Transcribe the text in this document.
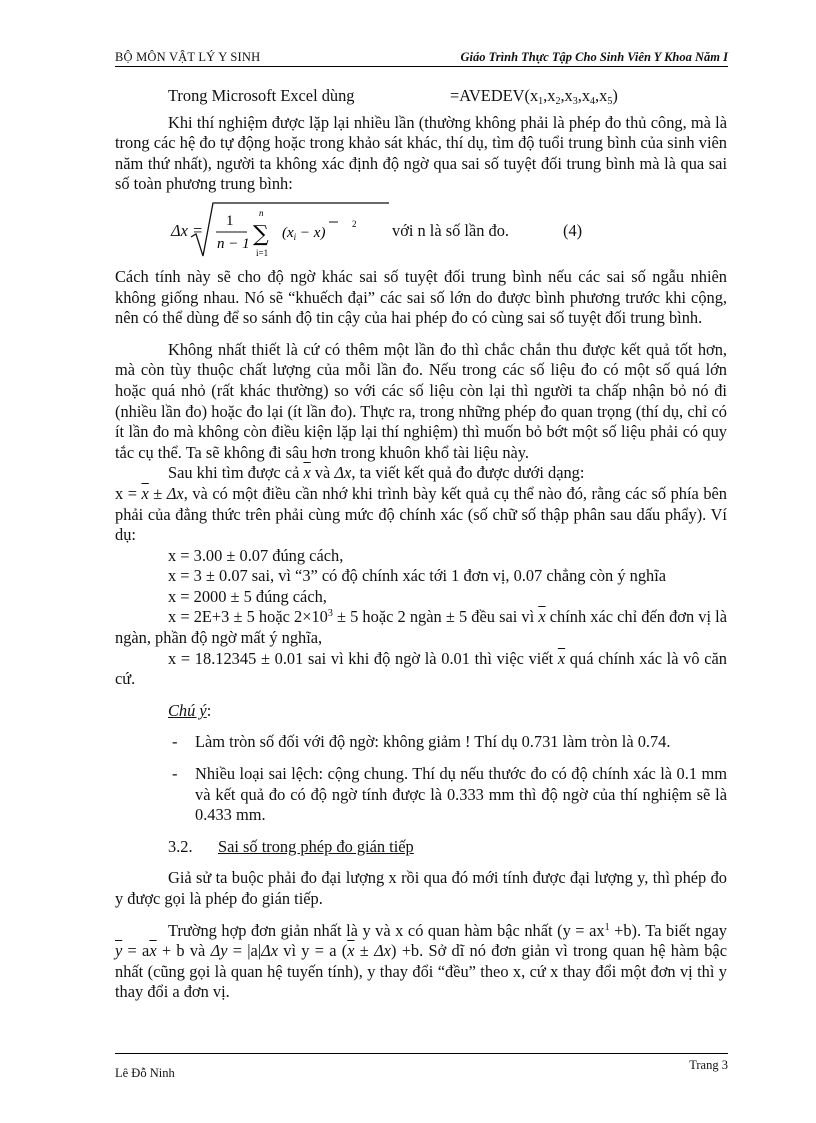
BỘ MÔN VẬT LÝ Y SINH	Giáo Trình Thực Tập Cho Sinh Viên Y Khoa Năm I

Trong Microsoft Excel dùng	$=AVEDEV(x_1,x_2,x_3,x_4,x_5)$

Khi thí nghiệm được lặp lại nhiều lần (thường không phải là phép đo thủ công, mà là trong các hệ đo tự động hoặc trong khảo sát khác, thí dụ, tìm độ tuổi trung bình của sinh viên năm thứ nhất), người ta không xác định độ ngờ qua sai số tuyệt đối trung bình mà là qua sai số toàn phương trung bình:

Δx = 1
n − 1 ∑
n
i=1
$(x_i - x)$
2 với n là số lần đo.	(4)

Cách tính này sẽ cho độ ngờ khác sai số tuyệt đối trung bình nếu các sai số ngẫu nhiên không giống nhau. Nó sẽ “khuếch đại” các sai số lớn do được bình phương trước khi cộng, nên có thể dùng để so sánh độ tin cậy của hai phép đo có cùng sai số tuyệt đối trung bình.

Không nhất thiết là cứ có thêm một lần đo thì chắc chắn thu được kết quả tốt hơn, mà còn tùy thuộc chất lượng của mỗi lần đo. Nếu trong các số liệu đo có một số quá lớn hoặc quá nhỏ (rất khác thường) so với các số liệu còn lại thì người ta chấp nhận bỏ nó đi (nhiều lần đo) hoặc đo lại (ít lần đo). Thực ra, trong những phép đo quan trọng (thí dụ, chỉ có ít lần đo mà không còn điều kiện lặp lại thí nghiệm) thì muốn bỏ bớt một số liệu phải có quy tắc cụ thể. Ta sẽ không đi sâu hơn trong khuôn khổ tài liệu này.

Sau khi tìm được cả $\overline{x}$ và Δx, ta viết kết quả đo được dưới dạng:

$x = \overline{x} \pm \Delta x$, và có một điều cần nhớ khi trình bày kết quả cụ thể nào đó, rằng các số phía bên phải của đẳng thức trên phải cùng mức độ chính xác (số chữ số thập phân sau dấu phẩy). Ví dụ:

x = 3.00 ± 0.07 đúng cách,

x = 3 ± 0.07 sai, vì “3” có độ chính xác tới 1 đơn vị, 0.07 chẳng còn ý nghĩa

x = 2000 ± 5 đúng cách,

x = 2E+3 ± 5 hoặc $2\times 10^3 \pm 5$ hoặc 2 ngàn ± 5 đều sai vì $\overline{x}$ chính xác chỉ đến đơn vị là ngàn, phần độ ngờ mất ý nghĩa,

x = 18.12345 ± 0.01 sai vì khi độ ngờ là 0.01 thì việc viết $\overline{x}$ quá chính xác là vô căn cứ.

Chú ý:

- Làm tròn số đối với độ ngờ: không giảm ! Thí dụ 0.731 làm tròn là 0.74.

- Nhiều loại sai lệch: cộng chung. Thí dụ nếu thước đo có độ chính xác là 0.1 mm và kết quả đo có độ ngờ tính được là 0.333 mm thì độ ngờ của thí nghiệm sẽ là 0.433 mm.

3.2. Sai số trong phép đo gián tiếp

Giả sử ta buộc phải đo đại lượng x rồi qua đó mới tính được đại lượng y, thì phép đo y được gọi là phép đo gián tiếp.

Trường hợp đơn giản nhất là y và x có quan hàm bậc nhất $(y = ax^1 +b)$. Ta biết ngay $\overline{y} = a\overline{x} + b$ và Δy = |a|Δx vì y = a $(\overline{x} \pm \Delta x) +b$. Sở dĩ nó đơn giản vì trong quan hệ hàm bậc nhất (cũng gọi là quan hệ tuyến tính), y thay đổi “đều” theo x, cứ x thay đổi một đơn vị thì y thay đổi a đơn vị.

Lê Đỗ Ninh
Trang 3
